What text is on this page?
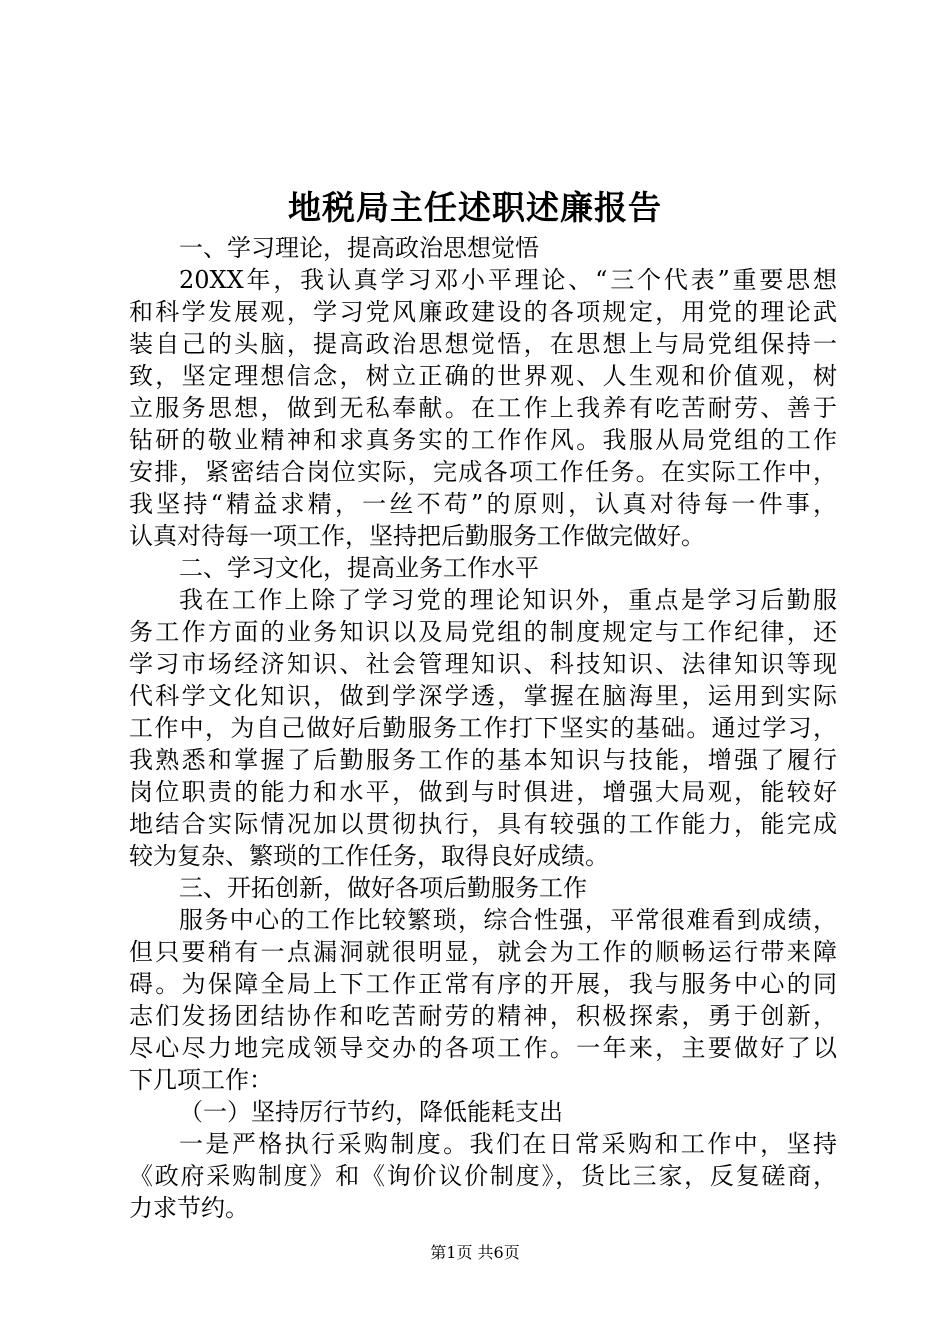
地税局主任述职述廉报告
一、学习理论，提高政治思想觉悟
20XX年，我认真学习邓小平理论、“三个代表”重要思想
和科学发展观，学习党风廉政建设的各项规定，用党的理论武
装自己的头脑，提高政治思想觉悟，在思想上与局党组保持一
致，坚定理想信念，树立正确的世界观、人生观和价值观，树
立服务思想，做到无私奉献。在工作上我养有吃苦耐劳、善于
钻研的敬业精神和求真务实的工作作风。我服从局党组的工作
安排，紧密结合岗位实际，完成各项工作任务。在实际工作中，
我坚持“精益求精，一丝不苟”的原则，认真对待每一件事，
认真对待每一项工作，坚持把后勤服务工作做完做好。
二、学习文化，提高业务工作水平
我在工作上除了学习党的理论知识外，重点是学习后勤服
务工作方面的业务知识以及局党组的制度规定与工作纪律，还
学习市场经济知识、社会管理知识、科技知识、法律知识等现
代科学文化知识，做到学深学透，掌握在脑海里，运用到实际
工作中，为自己做好后勤服务工作打下坚实的基础。通过学习，
我熟悉和掌握了后勤服务工作的基本知识与技能，增强了履行
岗位职责的能力和水平，做到与时俱进，增强大局观，能较好
地结合实际情况加以贯彻执行，具有较强的工作能力，能完成
较为复杂、繁琐的工作任务，取得良好成绩。
三、开拓创新，做好各项后勤服务工作
服务中心的工作比较繁琐，综合性强，平常很难看到成绩，
但只要稍有一点漏洞就很明显，就会为工作的顺畅运行带来障
碍。为保障全局上下工作正常有序的开展，我与服务中心的同
志们发扬团结协作和吃苦耐劳的精神，积极探索，勇于创新，
尽心尽力地完成领导交办的各项工作。一年来，主要做好了以
下几项工作：
（一）坚持厉行节约，降低能耗支出
一是严格执行采购制度。我们在日常采购和工作中，坚持
《政府采购制度》和《询价议价制度》，货比三家，反复磋商，
力求节约。
第1页 共6页
